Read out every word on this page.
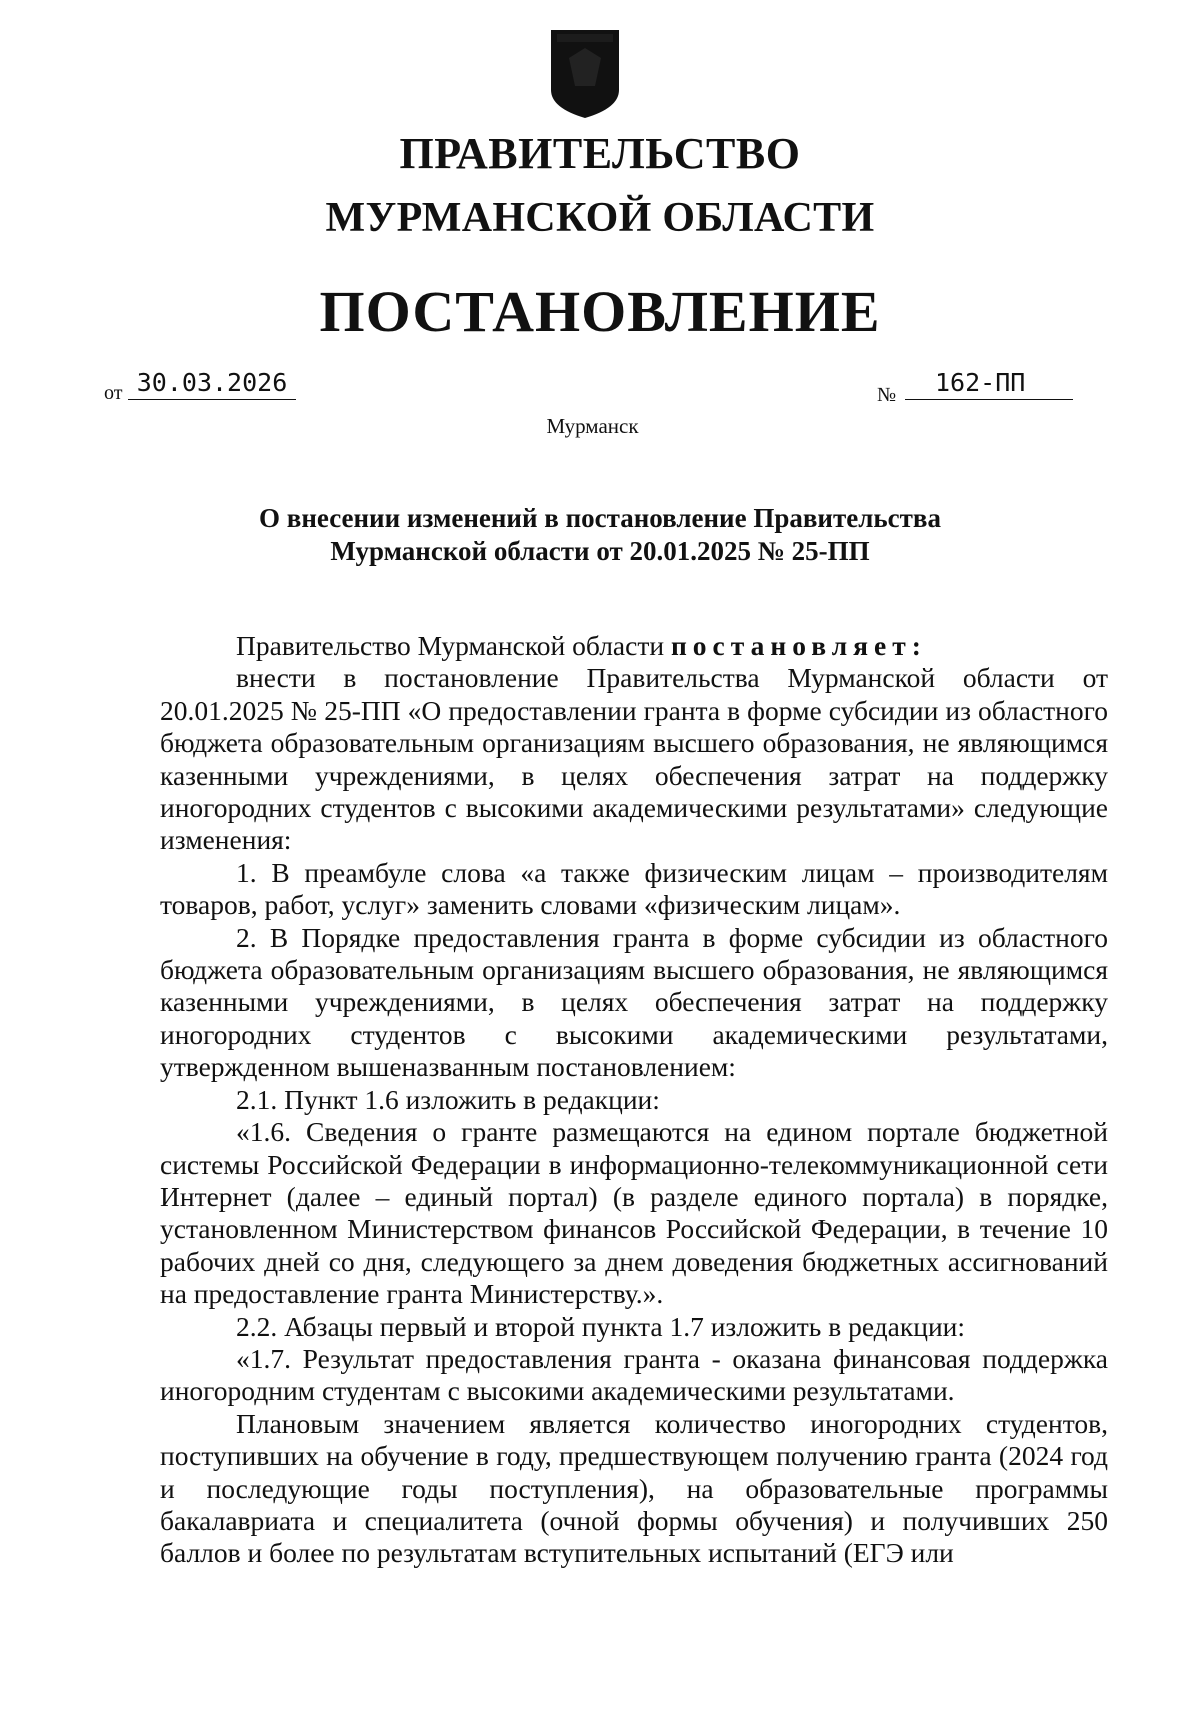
ПРАВИТЕЛЬСТВО
МУРМАНСКОЙ ОБЛАСТИ
ПОСТАНОВЛЕНИЕ
от 30.03.2026	№	162-ПП
Мурманск
О внесении изменений в постановление Правительства
Мурманской области от 20.01.2025 № 25-ПП

Правительство Мурманской области постановляет:

внести в постановление Правительства Мурманской области от 20.01.2025 № 25-ПП «О предоставлении гранта в форме субсидии из областного бюджета образовательным организациям высшего образования, не являющимся казенными учреждениями, в целях обеспечения затрат на поддержку иногородних студентов с высокими академическими результатами» следующие изменения:

1. В преамбуле слова «а также физическим лицам – производителям товаров, работ, услуг» заменить словами «физическим лицам».

2. В Порядке предоставления гранта в форме субсидии из областного бюджета образовательным организациям высшего образования, не являющимся казенными учреждениями, в целях обеспечения затрат на поддержку иногородних студентов с высокими академическими результатами, утвержденном вышеназванным постановлением:

2.1. Пункт 1.6 изложить в редакции:

«1.6. Сведения о гранте размещаются на едином портале бюджетной системы Российской Федерации в информационно-телекоммуникационной сети Интернет (далее – единый портал) (в разделе единого портала) в порядке, установленном Министерством финансов Российской Федерации, в течение 10 рабочих дней со дня, следующего за днем доведения бюджетных ассигнований на предоставление гранта Министерству.».

2.2. Абзацы первый и второй пункта 1.7 изложить в редакции:

«1.7. Результат предоставления гранта - оказана финансовая поддержка иногородним студентам с высокими академическими результатами.

Плановым значением является количество иногородних студентов, поступивших на обучение в году, предшествующем получению гранта (2024 год и последующие годы поступления), на образовательные программы бакалавриата и специалитета (очной формы обучения) и получивших 250 баллов и более по результатам вступительных испытаний (ЕГЭ или
